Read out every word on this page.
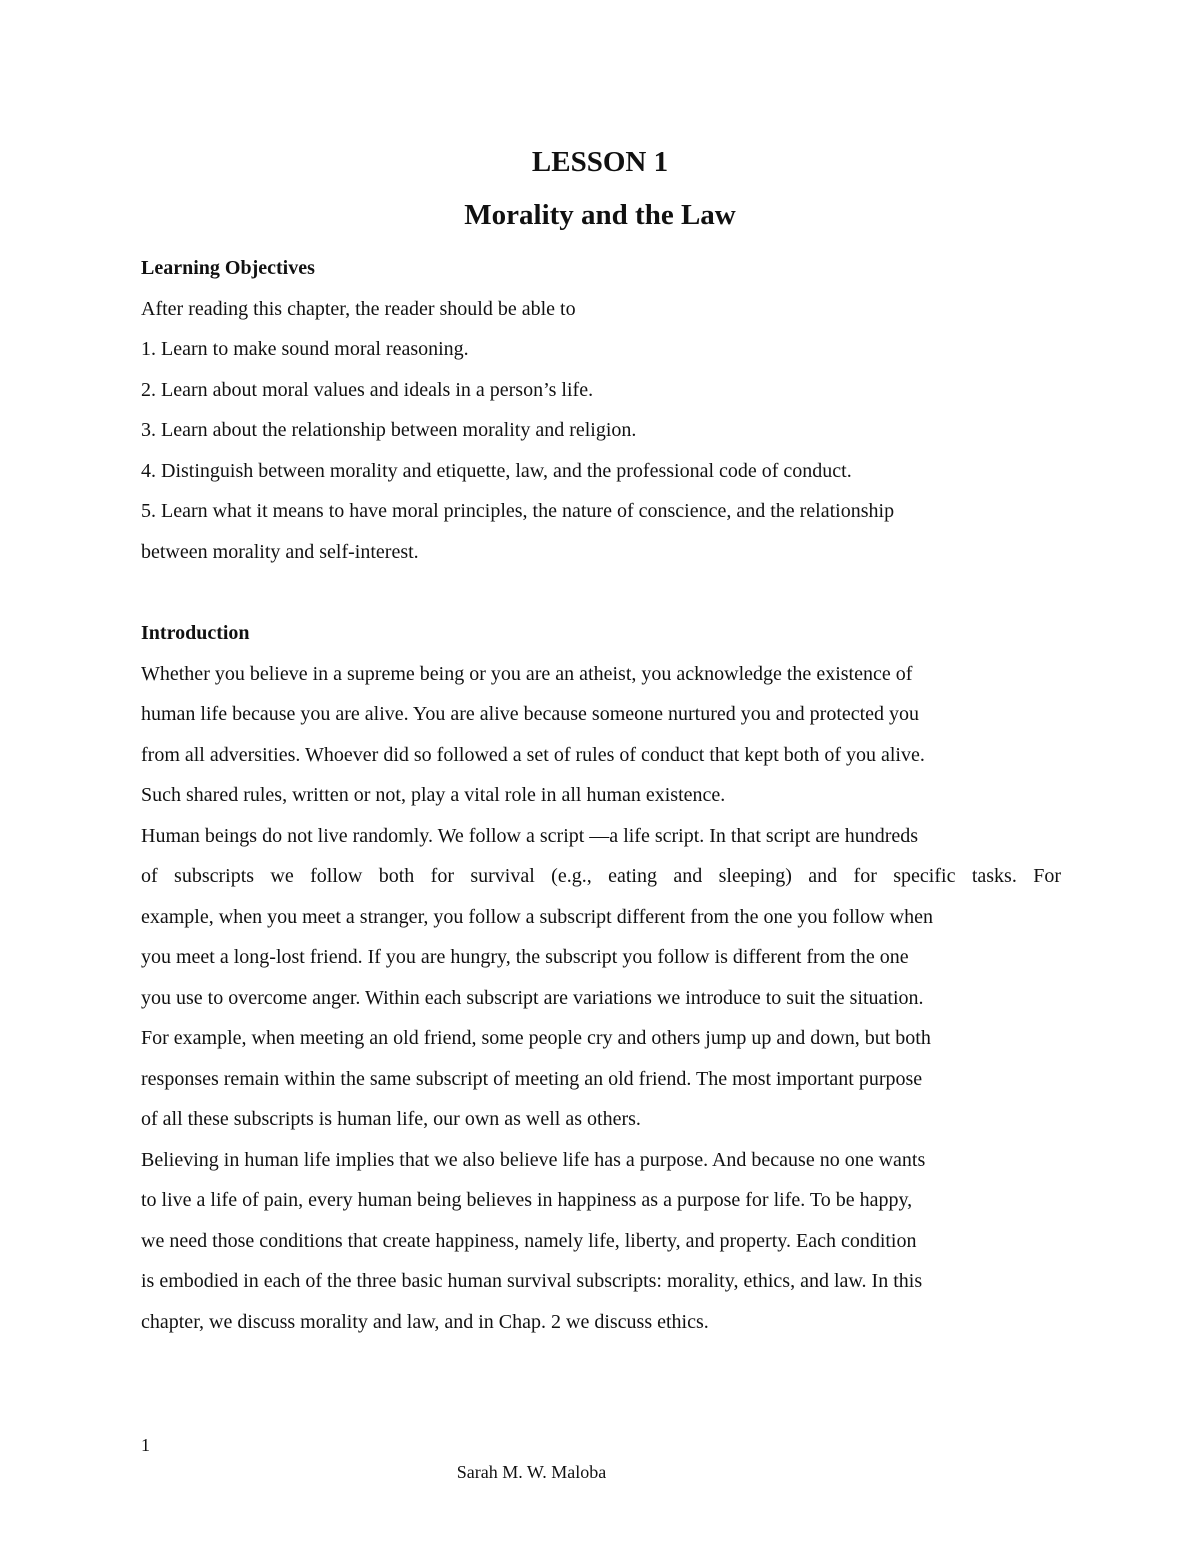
LESSON 1
Morality and the Law
Learning Objectives
After reading this chapter, the reader should be able to
1. Learn to make sound moral reasoning.
2. Learn about moral values and ideals in a person’s life.
3. Learn about the relationship between morality and religion.
4. Distinguish between morality and etiquette, law, and the professional code of conduct.
5. Learn what it means to have moral principles, the nature of conscience, and the relationship
between morality and self-interest.
Introduction
Whether you believe in a supreme being or you are an atheist, you acknowledge the existence of
human life because you are alive. You are alive because someone nurtured you and protected you
from all adversities. Whoever did so followed a set of rules of conduct that kept both of you alive.
Such shared rules, written or not, play a vital role in all human existence.
Human beings do not live randomly. We follow a script —a life script. In that script are hundreds
of subscripts we follow both for survival (e.g., eating and sleeping) and for specific tasks. For
example, when you meet a stranger, you follow a subscript different from the one you follow when
you meet a long-lost friend. If you are hungry, the subscript you follow is different from the one
you use to overcome anger. Within each subscript are variations we introduce to suit the situation.
For example, when meeting an old friend, some people cry and others jump up and down, but both
responses remain within the same subscript of meeting an old friend. The most important purpose
of all these subscripts is human life, our own as well as others.
Believing in human life implies that we also believe life has a purpose. And because no one wants
to live a life of pain, every human being believes in happiness as a purpose for life. To be happy,
we need those conditions that create happiness, namely life, liberty, and property. Each condition
is embodied in each of the three basic human survival subscripts: morality, ethics, and law. In this
chapter, we discuss morality and law, and in Chap. 2 we discuss ethics.
1
Sarah M. W. Maloba
